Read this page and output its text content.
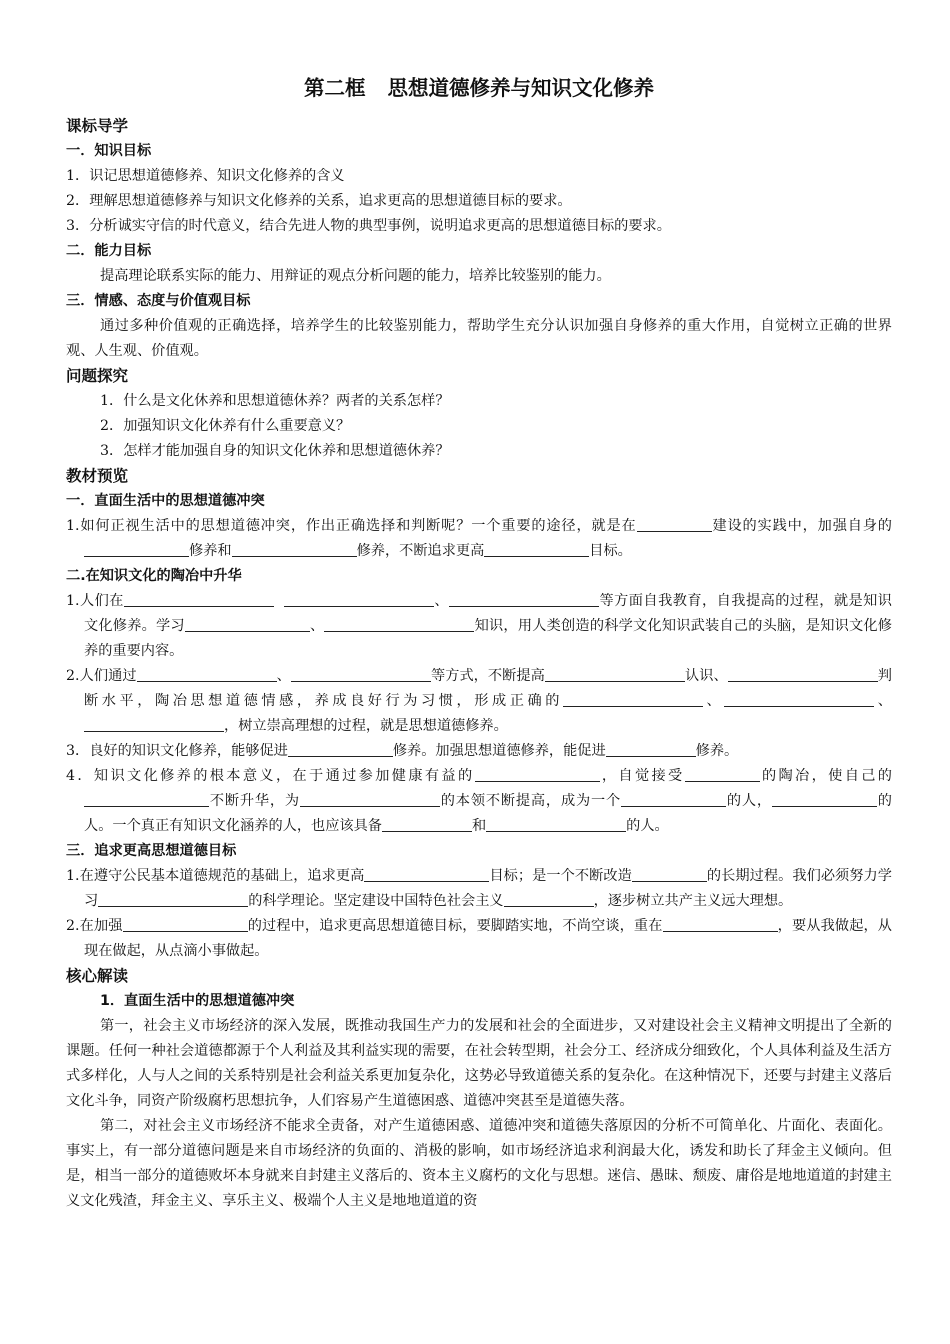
第二框 思想道德修养与知识文化修养
课标导学
一．知识目标

1．识记思想道德修养、知识文化修养的含义

2．理解思想道德修养与知识文化修养的关系，追求更高的思想道德目标的要求。

3．分析诚实守信的时代意义，结合先进人物的典型事例，说明追求更高的思想道德目标的要求。

二．能力目标

提高理论联系实际的能力、用辩证的观点分析问题的能力，培养比较鉴别的能力。

三．情感、态度与价值观目标

通过多种价值观的正确选择，培养学生的比较鉴别能力，帮助学生充分认识加强自身修养的重大作用，自觉树立正确的世界观、人生观、价值观。

问题探究

1．什么是文化休养和思想道德休养？两者的关系怎样？

2．加强知识文化休养有什么重要意义？

3．怎样才能加强自身的知识文化休养和思想道德休养？

教材预览
一．直面生活中的思想道德冲突

1.如何正视生活中的思想道德冲突，作出正确选择和判断呢？一个重要的途径，就是在	建设的实践中，加强自身的修养和	修养，不断追求更高	目标。

二.在知识文化的陶冶中升华

1.人们在	、	等方面自我教育，自我提高的过程，就是知识文化修养。学习	、	知识，用人类创造的科学文化知识武装自己的头脑，是知识文化修养的重要内容。

2.人们通过	、	等方式，不断提高	认识、	判断水平，陶冶思想道德情感，养成良好行为习惯，形成正确的	、	、，树立崇高理想的过程，就是思想道德修养。

3．良好的知识文化修养，能够促进	修养。加强思想道德修养，能促进	修养。

4．知识文化修养的根本意义，在于通过参加健康有益的	，自觉接受	的陶冶，使自己的不断升华，为	的本领不断提高，成为一个	的人，	的人。一个真正有知识文化涵养的人，也应该具备	和	的人。

三．追求更高思想道德目标

1.在遵守公民基本道德规范的基础上，追求更高	目标；是一个不断改造	的长期过程。我们必须努力学习	的科学理论。坚定建设中国特色社会主义	，逐步树立共产主义远大理想。

2.在加强	的过程中，追求更高思想道德目标，要脚踏实地，不尚空谈，重在	，要从我做起，从现在做起，从点滴小事做起。

核心解读
1．直面生活中的思想道德冲突

第一，社会主义市场经济的深入发展，既推动我国生产力的发展和社会的全面进步，又对建设社会主义精神文明提出了全新的课题。任何一种社会道德都源于个人利益及其利益实现的需要，在社会转型期，社会分工、经济成分细致化，个人具体利益及生活方式多样化，人与人之间的关系特别是社会利益关系更加复杂化，这势必导致道德关系的复杂化。在这种情况下，还要与封建主义落后文化斗争，同资产阶级腐朽思想抗争，人们容易产生道德困惑、道德冲突甚至是道德失落。

第二，对社会主义市场经济不能求全责备，对产生道德困惑、道德冲突和道德失落原因的分析不可简单化、片面化、表面化。事实上，有一部分道德问题是来自市场经济的负面的、消极的影响，如市场经济追求利润最大化，诱发和助长了拜金主义倾向。但是，相当一部分的道德败坏本身就来自封建主义落后的、资本主义腐朽的文化与思想。迷信、愚昧、颓废、庸俗是地地道道的封建主义文化残渣，拜金主义、享乐主义、极端个人主义是地地道道的资
